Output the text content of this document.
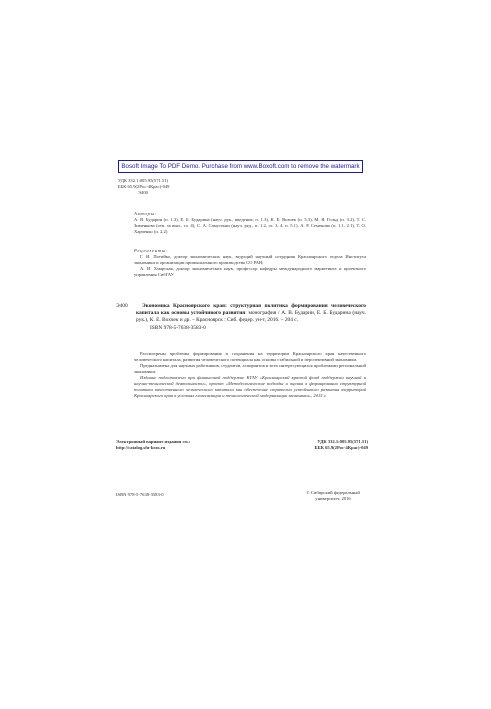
Bosoft Image To PDF Demo. Purchase from www.Boxoft.com to remove the watermark

УДК 332.1:005.95(571.51)

ББК 65.9(2Рос-4Крас)-049

Э400

Авторы:

А. В. Бударин (п. 1.3), Е. Б. Бударина (науч. рук., введение, п. 1.3), К. Е. Вохчек (п. 5.3), М. Я. Гольд (п. 3.2), Т. С. Зименкова (отв. за вып., гл. 4), С. А. Самусенко (науч. ред., п. 1.2, гл. 3, 4, п. 5.1), А. Р. Семенова (п. 1.1, 2.1), Т. О. Харченко (п. 2.2)

Рецензенты:

Г. И. Потийко, доктор экономических наук, ведущий научный сотрудник Красноярского отдела Института экономики и организации промышленного производства СО РАН;

А. И. Хмарская, доктор экономических наук, профессор кафедры международного маркетинга и проектного управления СибГАУ

Э400	Экономика Красноярского края: структурная политика формирования человеческого капитала как основы устойчивого развития: монография / А. В. Бударин, Е. Б. Бударина (науч. рук.), К. Е. Вохчек и др. – Красноярск : Сиб. федер. ун-т, 2016. – 204 с.

ISBN 978-5-7638-3583-0

Рассмотрены проблемы формирования и сохранения на территории Красноярского края качественного человеческого капитала, развития человеческого потенциала как основы стабильной и перспективной экономики.

Предназначена для научных работников, студентов, аспирантов и всех интересующихся проблемами региональной экономики.

Издание подготовлено при финансовой поддержке КГАУ «Красноярский краевой фонд поддержки научной и научно-технической деятельности», проект «Методологические подходы и оценка в формировании структурной политики качественного человеческого капитала как обеспечение стратегии устойчивого развития территорий Красноярского края в условиях глокализации и технологической модернизации экономики», 2015 г.

Электронный вариант издания см.:

http://catalog.sfu-kras.ru

УДК 332.1:005.95(571.51)

ББК 65.9(2Рос-4Крас)-049

ISBN 978-5-7638-3583-0	© Сибирский федеральный

университет, 2016
